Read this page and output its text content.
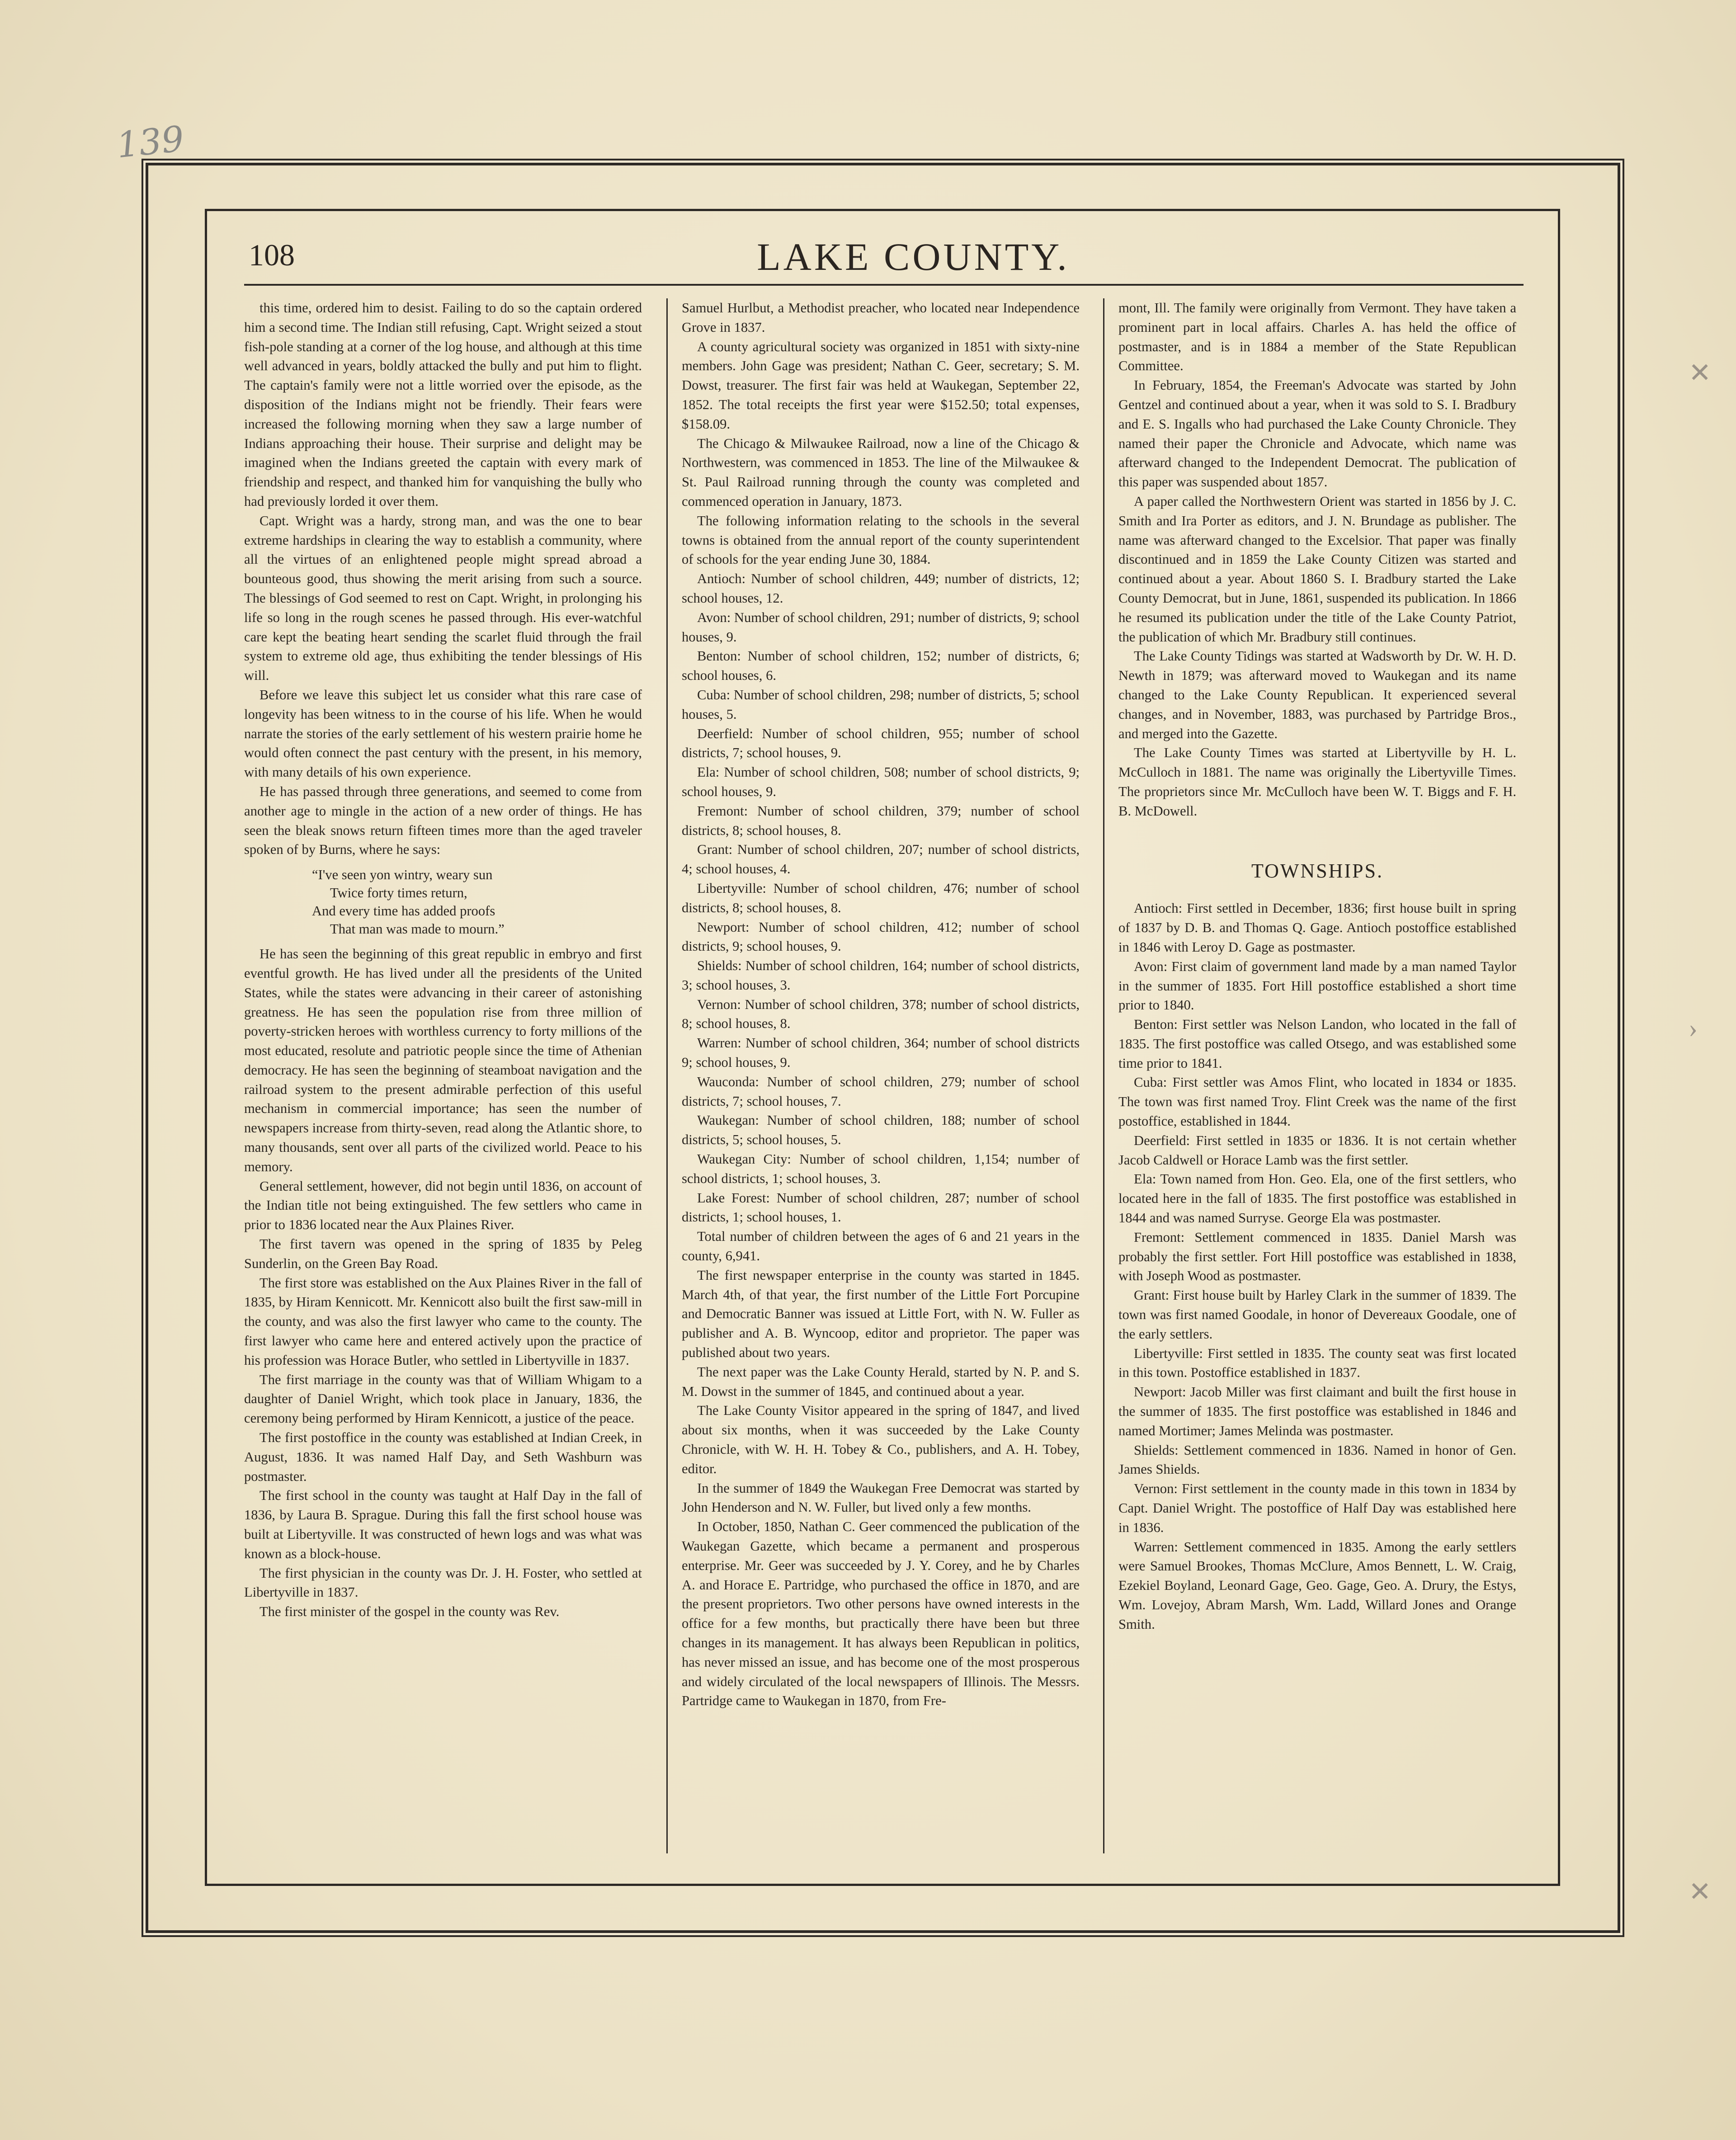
139
108	LAKE COUNTY.

this time, ordered him to desist. Failing to do so the captain ordered him a second time. The Indian still refusing, Capt. Wright seized a stout fish-pole standing at a corner of the log house, and although at this time well advanced in years, boldly attacked the bully and put him to flight. The captain's family were not a little worried over the episode, as the disposition of the Indians might not be friendly. Their fears were increased the following morning when they saw a large number of Indians approaching their house. Their surprise and delight may be imagined when the Indians greeted the captain with every mark of friendship and respect, and thanked him for vanquishing the bully who had previously lorded it over them.

Capt. Wright was a hardy, strong man, and was the one to bear extreme hardships in clearing the way to establish a community, where all the virtues of an enlightened people might spread abroad a bounteous good, thus showing the merit arising from such a source. The blessings of God seemed to rest on Capt. Wright, in prolonging his life so long in the rough scenes he passed through. His ever-watchful care kept the beating heart sending the scarlet fluid through the frail system to extreme old age, thus exhibiting the tender blessings of His will.

Before we leave this subject let us consider what this rare case of longevity has been witness to in the course of his life. When he would narrate the stories of the early settlement of his western prairie home he would often connect the past century with the present, in his memory, with many details of his own experience.

He has passed through three generations, and seemed to come from another age to mingle in the action of a new order of things. He has seen the bleak snows return fifteen times more than the aged traveler spoken of by Burns, where he says:

“I've seen yon wintry, weary sun
Twice forty times return,
And every time has added proofs
That man was made to mourn.”

He has seen the beginning of this great republic in embryo and first eventful growth. He has lived under all the presidents of the United States, while the states were advancing in their career of astonishing greatness. He has seen the population rise from three million of poverty-stricken heroes with worthless currency to forty millions of the most educated, resolute and patriotic people since the time of Athenian democracy. He has seen the beginning of steamboat navigation and the railroad system to the present admirable perfection of this useful mechanism in commercial importance; has seen the number of newspapers increase from thirty-seven, read along the Atlantic shore, to many thousands, sent over all parts of the civilized world. Peace to his memory.

General settlement, however, did not begin until 1836, on account of the Indian title not being extinguished. The few settlers who came in prior to 1836 located near the Aux Plaines River.

The first tavern was opened in the spring of 1835 by Peleg Sunderlin, on the Green Bay Road.

The first store was established on the Aux Plaines River in the fall of 1835, by Hiram Kennicott. Mr. Kennicott also built the first saw-mill in the county, and was also the first lawyer who came to the county. The first lawyer who came here and entered actively upon the practice of his profession was Horace Butler, who settled in Libertyville in 1837.

The first marriage in the county was that of William Whigam to a daughter of Daniel Wright, which took place in January, 1836, the ceremony being performed by Hiram Kennicott, a justice of the peace.

The first postoffice in the county was established at Indian Creek, in August, 1836. It was named Half Day, and Seth Washburn was postmaster.

The first school in the county was taught at Half Day in the fall of 1836, by Laura B. Sprague. During this fall the first school house was built at Libertyville. It was constructed of hewn logs and was what was known as a block-house.

The first physician in the county was Dr. J. H. Foster, who settled at Libertyville in 1837.

The first minister of the gospel in the county was Rev.

Samuel Hurlbut, a Methodist preacher, who located near Independence Grove in 1837.

A county agricultural society was organized in 1851 with sixty-nine members. John Gage was president; Nathan C. Geer, secretary; S. M. Dowst, treasurer. The first fair was held at Waukegan, September 22, 1852. The total receipts the first year were $152.50; total expenses, $158.09.

The Chicago & Milwaukee Railroad, now a line of the Chicago & Northwestern, was commenced in 1853. The line of the Milwaukee & St. Paul Railroad running through the county was completed and commenced operation in January, 1873.

The following information relating to the schools in the several towns is obtained from the annual report of the county superintendent of schools for the year ending June 30, 1884.

Antioch: Number of school children, 449; number of districts, 12; school houses, 12.

Avon: Number of school children, 291; number of districts, 9; school houses, 9.

Benton: Number of school children, 152; number of districts, 6; school houses, 6.

Cuba: Number of school children, 298; number of districts, 5; school houses, 5.

Deerfield: Number of school children, 955; number of school districts, 7; school houses, 9.

Ela: Number of school children, 508; number of school districts, 9; school houses, 9.

Fremont: Number of school children, 379; number of school districts, 8; school houses, 8.

Grant: Number of school children, 207; number of school districts, 4; school houses, 4.

Libertyville: Number of school children, 476; number of school districts, 8; school houses, 8.

Newport: Number of school children, 412; number of school districts, 9; school houses, 9.

Shields: Number of school children, 164; number of school districts, 3; school houses, 3.

Vernon: Number of school children, 378; number of school districts, 8; school houses, 8.

Warren: Number of school children, 364; number of school districts 9; school houses, 9.

Wauconda: Number of school children, 279; number of school districts, 7; school houses, 7.

Waukegan: Number of school children, 188; number of school districts, 5; school houses, 5.

Waukegan City: Number of school children, 1,154; number of school districts, 1; school houses, 3.

Lake Forest: Number of school children, 287; number of school districts, 1; school houses, 1.

Total number of children between the ages of 6 and 21 years in the county, 6,941.

The first newspaper enterprise in the county was started in 1845. March 4th, of that year, the first number of the Little Fort Porcupine and Democratic Banner was issued at Little Fort, with N. W. Fuller as publisher and A. B. Wyncoop, editor and proprietor. The paper was published about two years.

The next paper was the Lake County Herald, started by N. P. and S. M. Dowst in the summer of 1845, and continued about a year.

The Lake County Visitor appeared in the spring of 1847, and lived about six months, when it was succeeded by the Lake County Chronicle, with W. H. H. Tobey & Co., publishers, and A. H. Tobey, editor.

In the summer of 1849 the Waukegan Free Democrat was started by John Henderson and N. W. Fuller, but lived only a few months.

In October, 1850, Nathan C. Geer commenced the publication of the Waukegan Gazette, which became a permanent and prosperous enterprise. Mr. Geer was succeeded by J. Y. Corey, and he by Charles A. and Horace E. Partridge, who purchased the office in 1870, and are the present proprietors. Two other persons have owned interests in the office for a few months, but practically there have been but three changes in its management. It has always been Republican in politics, has never missed an issue, and has become one of the most prosperous and widely circulated of the local newspapers of Illinois. The Messrs. Partridge came to Waukegan in 1870, from Fre-

mont, Ill. The family were originally from Vermont. They have taken a prominent part in local affairs. Charles A. has held the office of postmaster, and is in 1884 a member of the State Republican Committee.

In February, 1854, the Freeman's Advocate was started by John Gentzel and continued about a year, when it was sold to S. I. Bradbury and E. S. Ingalls who had purchased the Lake County Chronicle. They named their paper the Chronicle and Advocate, which name was afterward changed to the Independent Democrat. The publication of this paper was suspended about 1857.

A paper called the Northwestern Orient was started in 1856 by J. C. Smith and Ira Porter as editors, and J. N. Brundage as publisher. The name was afterward changed to the Excelsior. That paper was finally discontinued and in 1859 the Lake County Citizen was started and continued about a year. About 1860 S. I. Bradbury started the Lake County Democrat, but in June, 1861, suspended its publication. In 1866 he resumed its publication under the title of the Lake County Patriot, the publication of which Mr. Bradbury still continues.

The Lake County Tidings was started at Wadsworth by Dr. W. H. D. Newth in 1879; was afterward moved to Waukegan and its name changed to the Lake County Republican. It experienced several changes, and in November, 1883, was purchased by Partridge Bros., and merged into the Gazette.

The Lake County Times was started at Libertyville by H. L. McCulloch in 1881. The name was originally the Libertyville Times. The proprietors since Mr. McCulloch have been W. T. Biggs and F. H. B. McDowell.

TOWNSHIPS.

Antioch: First settled in December, 1836; first house built in spring of 1837 by D. B. and Thomas Q. Gage. Antioch postoffice established in 1846 with Leroy D. Gage as postmaster.

Avon: First claim of government land made by a man named Taylor in the summer of 1835. Fort Hill postoffice established a short time prior to 1840.

Benton: First settler was Nelson Landon, who located in the fall of 1835. The first postoffice was called Otsego, and was established some time prior to 1841.

Cuba: First settler was Amos Flint, who located in 1834 or 1835. The town was first named Troy. Flint Creek was the name of the first postoffice, established in 1844.

Deerfield: First settled in 1835 or 1836. It is not certain whether Jacob Caldwell or Horace Lamb was the first settler.

Ela: Town named from Hon. Geo. Ela, one of the first settlers, who located here in the fall of 1835. The first postoffice was established in 1844 and was named Surryse. George Ela was postmaster.

Fremont: Settlement commenced in 1835. Daniel Marsh was probably the first settler. Fort Hill postoffice was established in 1838, with Joseph Wood as postmaster.

Grant: First house built by Harley Clark in the summer of 1839. The town was first named Goodale, in honor of Devereaux Goodale, one of the early settlers.

Libertyville: First settled in 1835. The county seat was first located in this town. Postoffice established in 1837.

Newport: Jacob Miller was first claimant and built the first house in the summer of 1835. The first postoffice was established in 1846 and named Mortimer; James Melinda was postmaster.

Shields: Settlement commenced in 1836. Named in honor of Gen. James Shields.

Vernon: First settlement in the county made in this town in 1834 by Capt. Daniel Wright. The postoffice of Half Day was established here in 1836.

Warren: Settlement commenced in 1835. Among the early settlers were Samuel Brookes, Thomas McClure, Amos Bennett, L. W. Craig, Ezekiel Boyland, Leonard Gage, Geo. Gage, Geo. A. Drury, the Estys, Wm. Lovejoy, Abram Marsh, Wm. Ladd, Willard Jones and Orange Smith.

✕
›
✕
